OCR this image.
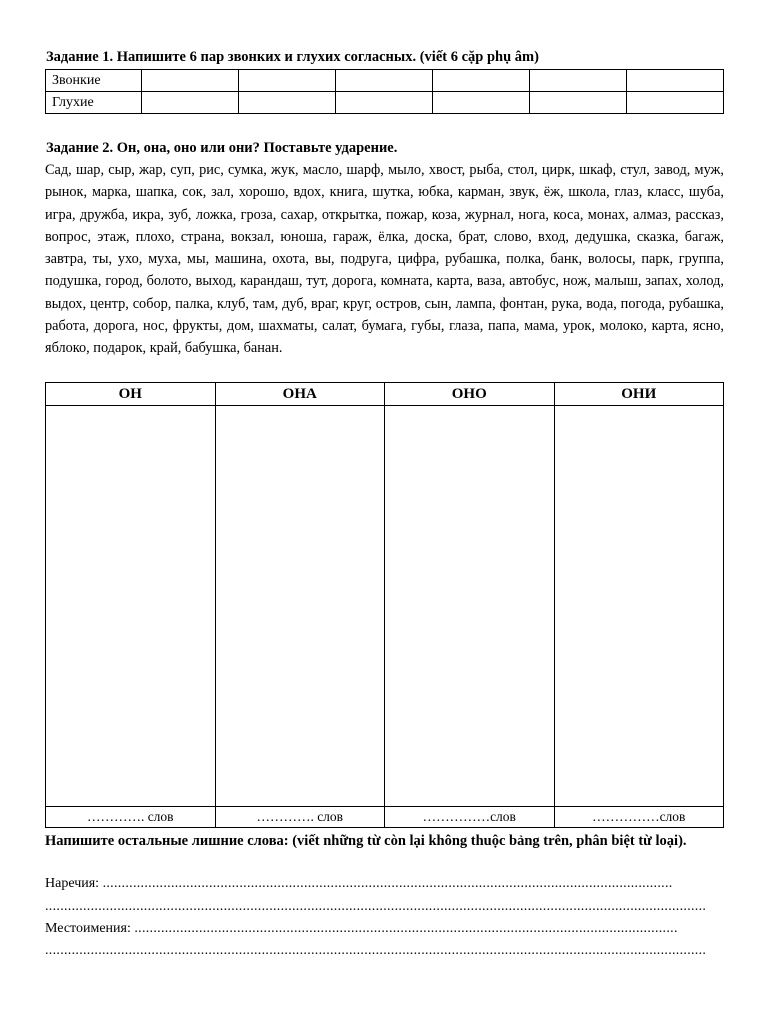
Задание 1. Напишите 6 пар звонких и глухих согласных. (viết 6 cặp phụ âm)
Звонкие						
Глухие						
Задание 2. Он, она, оно или они? Поставьте ударение.
Сад, шар, сыр, жар, суп, рис, сумка, жук, масло, шарф, мыло, хвост, рыба, стол, цирк, шкаф, стул, завод, муж, рынок, марка, шапка, сок, зал, хорошо, вдох, книга, шутка, юбка, карман, звук, ёж, школа, глаз, класс, шуба, игра, дружба, икра, зуб, ложка, гроза, сахар, открытка, пожар, коза, журнал, нога, коса, монах, алмаз, рассказ, вопрос, этаж, плохо, страна, вокзал, юноша, гараж, ёлка, доска, брат, слово, вход, дедушка, сказка, багаж, завтра, ты, ухо, муха, мы, машина, охота, вы, подруга, цифра, рубашка, полка, банк, волосы, парк, группа, подушка, город, болото, выход, карандаш, тут, дорога, комната, карта, ваза, автобус, нож, малыш, запах, холод, выдох, центр, собор, палка, клуб, там, дуб, враг, круг, остров, сын, лампа, фонтан, рука, вода, погода, рубашка, работа, дорога, нос, фрукты, дом, шахматы, салат, бумага, губы, глаза, папа, мама, урок, молоко, карта, ясно, яблоко, подарок, край, бабушка, банан.
ОН	ОНА	ОНО	ОНИ

…………. слов	…………. слов	……………слов	……………слов
Напишите остальные лишние слова: (viết những từ còn lại không thuộc bảng trên, phân biệt từ loại).
Наречия: ......................................................................................................................................................
..............................................................................................................................................................................
Местоимения: ...............................................................................................................................................
..............................................................................................................................................................................
